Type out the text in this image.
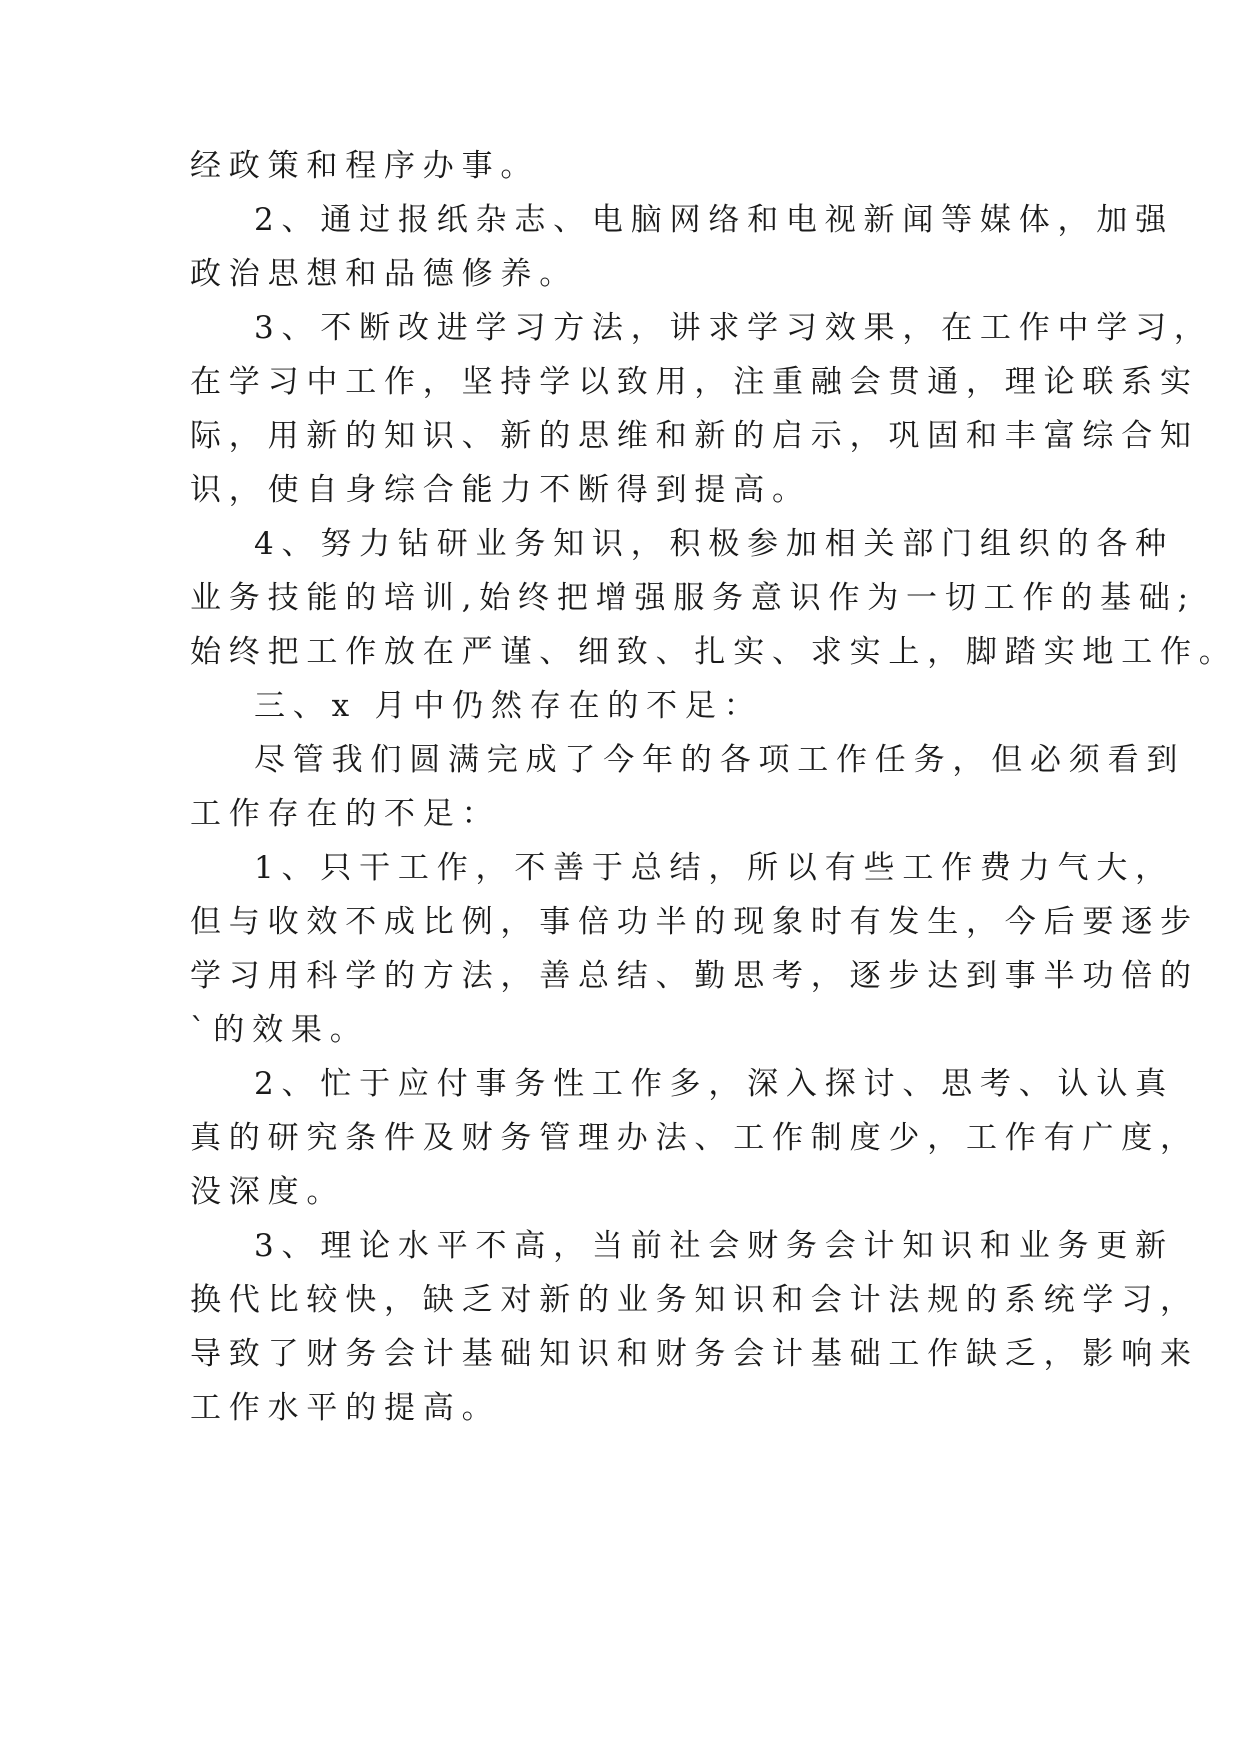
经政策和程序办事。
2、通过报纸杂志、电脑网络和电视新闻等媒体，加强
政治思想和品德修养。
3、不断改进学习方法，讲求学习效果，在工作中学习，
在学习中工作，坚持学以致用，注重融会贯通，理论联系实
际，用新的知识、新的思维和新的启示，巩固和丰富综合知
识，使自身综合能力不断得到提高。
4、努力钻研业务知识，积极参加相关部门组织的各种
业务技能的培训,始终把增强服务意识作为一切工作的基础;
始终把工作放在严谨、细致、扎实、求实上，脚踏实地工作。
三、x 月中仍然存在的不足：
尽管我们圆满完成了今年的各项工作任务，但必须看到
工作存在的不足：
1、只干工作，不善于总结，所以有些工作费力气大，
但与收效不成比例，事倍功半的现象时有发生，今后要逐步
学习用科学的方法，善总结、勤思考，逐步达到事半功倍的
`的效果。
2、忙于应付事务性工作多，深入探讨、思考、认认真
真的研究条件及财务管理办法、工作制度少，工作有广度，
没深度。
3、理论水平不高，当前社会财务会计知识和业务更新
换代比较快，缺乏对新的业务知识和会计法规的系统学习，
导致了财务会计基础知识和财务会计基础工作缺乏，影响来
工作水平的提高。
